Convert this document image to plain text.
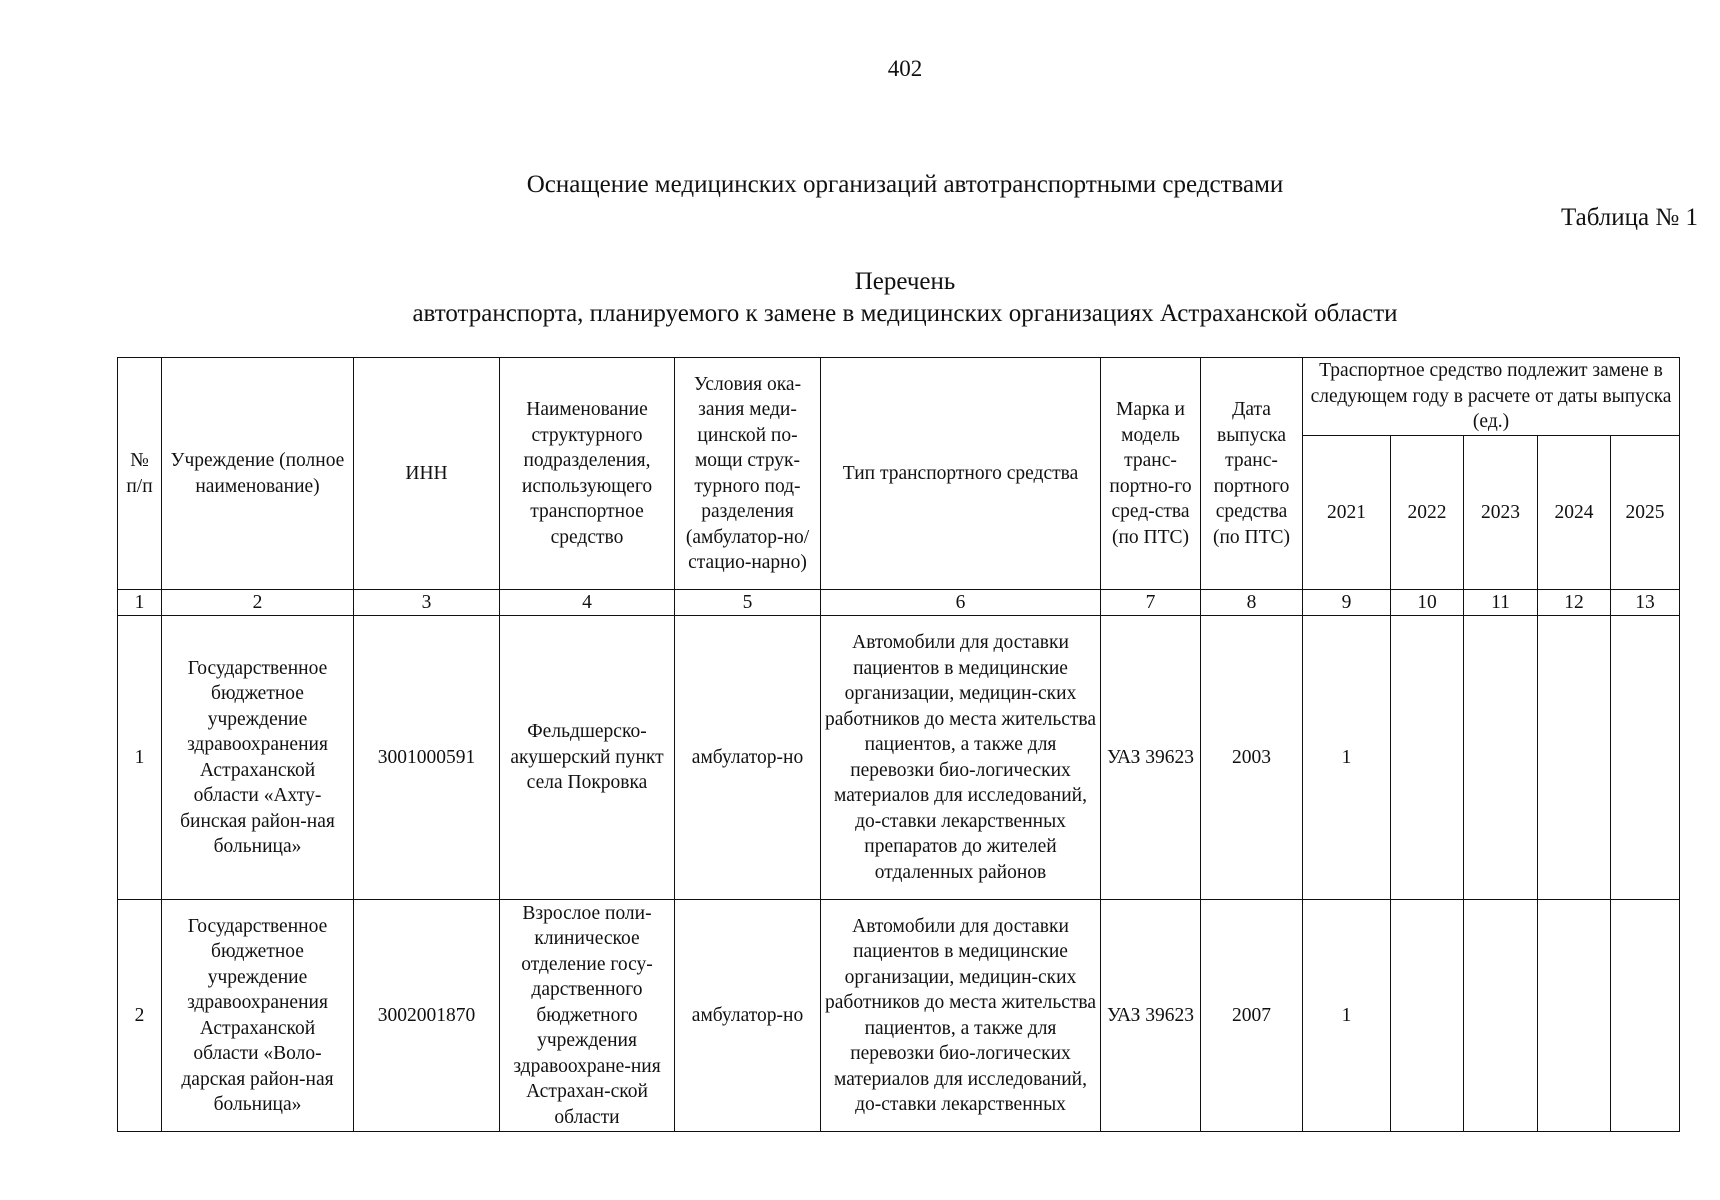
402
Оснащение медицинских организаций автотранспортными средствами
Таблица № 1
Перечень
автотранспорта, планируемого к замене в медицинских организациях Астраханской области
№ п/п	Учреждение (полное наименование)	ИНН	Наименование структурного подразделения, использующего транспортное средство	Условия ока-зания меди-цинской по-мощи струк-турного под-разделения (амбулатор-но/стацио-нарно)	Тип транспортного средства	Марка и модель транс-портно-го сред-ства (по ПТС)	Дата выпуска транс-портного средства (по ПТС)	Траспортное средство подлежит замене в следующем году в расчете от даты выпуска (ед.)				
								2021	2022	2023	2024	2025
1	2	3	4	5	6	7	8	9	10	11	12	13
1	Государственное бюджетное учреждение здравоохранения Астраханской области «Ахту-бинская район-ная больница»	3001000591	Фельдшерско-акушерский пункт села Покровка	амбулатор-но	Автомобили для доставки пациентов в медицинские организации, медицин-ских работников до места жительства пациентов, а также для перевозки био-логических материалов для исследований, до-ставки лекарственных препаратов до жителей отдаленных районов	УАЗ 39623	2003	1				
2	Государственное бюджетное учреждение здравоохранения Астраханской области «Воло-дарская район-ная больница»	3002001870	Взрослое поли-клиническое отделение госу-дарственного бюджетного учреждения здравоохране-ния Астрахан-ской области	амбулатор-но	Автомобили для доставки пациентов в медицинские организации, медицин-ских работников до места жительства пациентов, а также для перевозки био-логических материалов для исследований, до-ставки лекарственных	УАЗ 39623	2007	1				
